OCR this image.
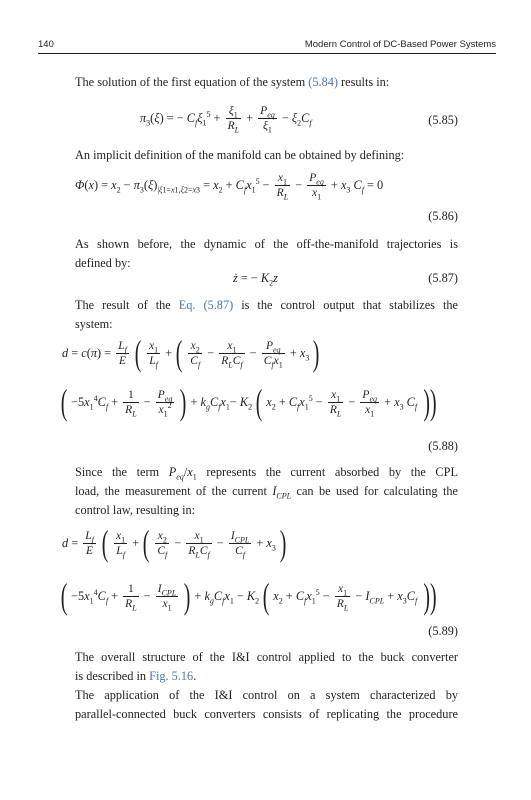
140	Modern Control of DC-Based Power Systems
The solution of the first equation of the system (5.84) results in:
$\pi_3(\xi)$ = − $C_f\xi_1^5 + \frac{\xi_1}{R_L} + \frac{P_{eq}}{\xi_1} - \xi_2C_f$	(5.85)
An implicit definition of the manifold can be obtained by defining:
$\Phi(x) = x_2 - \pi_3(\xi)_{|\xi 1=x1,\xi 2=x3} = x_2 + C_fx_1^5 - \frac{x_1}{R_L} - \frac{P_{eq}}{x_1} + x_3$ $C_f = 0$
(5.86)
As shown before, the dynamic of the off-the-manifold trajectories is
defined by:
ż = − $K_2z$	(5.87)
The result of the Eq. (5.87) is the control output that stabilizes the
system:
$d = c(\pi) = \frac{L_f}{E}$ ( $\frac{x_1}{L_f}$ + ( $\frac{x_2}{C_f} - \frac{x_1}{R_LC_f} - \frac{P_{eq}}{C_fx_1} + x_3$ )
( $-5x_1^4C_f + \frac{1}{R_L} - \frac{P_{eq}}{x_1^2}$ ) + $k_gC_fx_1- K_2$ ( $x_2 + C_fx_1^5 - \frac{x_1}{R_L} - \frac{P_{eq}}{x_1} + x_3$ $C_f$ ))
(5.88)
Since the term $P_{eq}/x_1$ represents the current absorbed by the CPL
load, the measurement of the current $I_{CPL}$ can be used for calculating the
control law, resulting in:
$d = \frac{L_f}{E}$ ( $\frac{x_1}{L_f}$ + ( $\frac{x_2}{C_f} - \frac{x_1}{R_LC_f} - \frac{I_{CPL}}{C_f} + x_3$ )
( $-5x_1^4C_f + \frac{1}{R_L} - \frac{I_{CPL}}{x_1}$ ) + $k_gC_fx_1 - K_2$ ( $x_2 + C_fx_1^5 - \frac{x_1}{R_L} - I_{CPL} + x_3C_f$ ))
(5.89)
The overall structure of the I&I control applied to the buck converter
is described in Fig. 5.16.
The application of the I&I control on a system characterized by
parallel-connected buck converters consists of replicating the procedure
